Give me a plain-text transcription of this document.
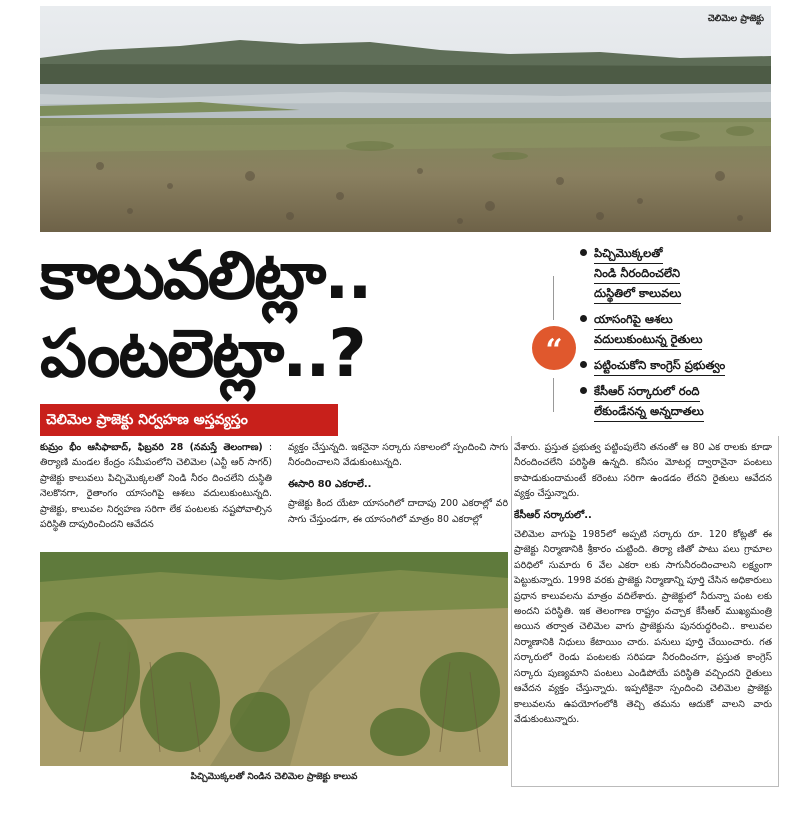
చెలిమెల ప్రాజెక్టు
కాలువలిట్లా..
పంటలెట్లా..?	“
పిచ్చిమొక్కలతో
నిండి నీరందించలేని
దుస్థితిలో కాలువలు
యాసంగిపై ఆశలు
వదులుకుంటున్న రైతులు
పట్టించుకోని కాంగ్రెస్‌ ప్రభుత్వం
కేసీఆర్‌ సర్కారులో రంది
లేకుండేనన్న అన్నదాతలు
చెలిమెల ప్రాజెక్టు నిర్వహణ అస్తవ్యస్తం
కుమ్రం భీం ఆసిఫాబాద్‌, ఫిబ్రవరి 28 (నమస్తే తెలంగాణ) : తిర్యాణి మండల కేంద్రం సమీపంలోని చెలిమెల (ఎన్టీ ఆర్‌ సాగర్‌) ప్రాజెక్టు కాలువలు పిచ్చిమొక్కలతో నిండి నీరం దించలేని దుస్థితి నెలకొనగా, రైతాంగం యాసంగిపై ఆశలు వదులుకుంటున్నది. ప్రాజెక్టు, కాలువల నిర్వహణ సరిగా లేక పంటలకు నష్టపోవాల్సిన పరిస్థితి దాపురించిందని ఆవేదన
వ్యక్తం చేస్తున్నది. ఇకనైనా సర్కారు సకాలంలో స్పందించి సాగు నీరందించాలని వేడుకుంటున్నది.
ఈసారి 80 ఎకరాలే..
ప్రాజెక్టు కింద యేటా యాసంగిలో దాదాపు 200 ఎకరాల్లో వరి సాగు చేస్తుండగా, ఈ యాసంగిలో మాత్రం 80 ఎకరాల్లో
పిచ్చిమొక్కలతో నిండిన చెలిమెల ప్రాజెక్టు కాలువ
వేశారు. ప్రస్తుత ప్రభుత్వ పట్టింపులేని తనంతో ఆ 80 ఎక రాలకు కూడా నీరందించలేని పరిస్థితి ఉన్నది. కనీసం మోటర్ల ద్వారానైనా పంటలు కాపాడుకుందామంటే కరెంటు సరిగా ఉండడం లేదని రైతులు ఆవేదన వ్యక్తం చేస్తున్నారు.
కేసీఆర్‌ సర్కారులో..
చెలిమెల వాగుపై 1985లో అప్పటి సర్కారు రూ. 120 కోట్లతో ఈ ప్రాజెక్టు నిర్మాణానికి శ్రీకారం చుట్టింది. తిర్యా ణితో పాటు పలు గ్రామాల పరిధిలో సుమారు 6 వేల ఎకరా లకు సాగునీరందించాలని లక్ష్యంగా పెట్టుకున్నారు. 1998 వరకు ప్రాజెక్టు నిర్మాణాన్ని పూర్తి చేసిన అధికారులు ప్రధాన కాలువలను మాత్రం వదిలేశారు. ప్రాజెక్టులో నీరున్నా పంట లకు అందని పరిస్థితి. ఇక తెలంగాణ రాష్ట్రం వచ్చాక కేసీఆర్‌ ముఖ్యమంత్రి అయిన తర్వాత చెలిమెల వాగు ప్రాజెక్టును పునరుద్ధరించి.. కాలువల నిర్మాణానికి నిధులు కేటాయిం చారు. పనులు పూర్తి చేయించారు. గత సర్కారులో రెండు పంటలకు సరిపడా నీరందించగా, ప్రస్తుత కాంగ్రెస్‌ సర్కారు పుణ్యమాని పంటలు ఎండిపోయే పరిస్థితి వచ్చిందని రైతులు ఆవేదన వ్యక్తం చేస్తున్నారు. ఇప్పటికైనా స్పందించి చెలిమెల ప్రాజెక్టు కాలువలను ఉపయోగంలోకి తెచ్చి తమను ఆదుకో వాలని వారు వేడుకుంటున్నారు.
